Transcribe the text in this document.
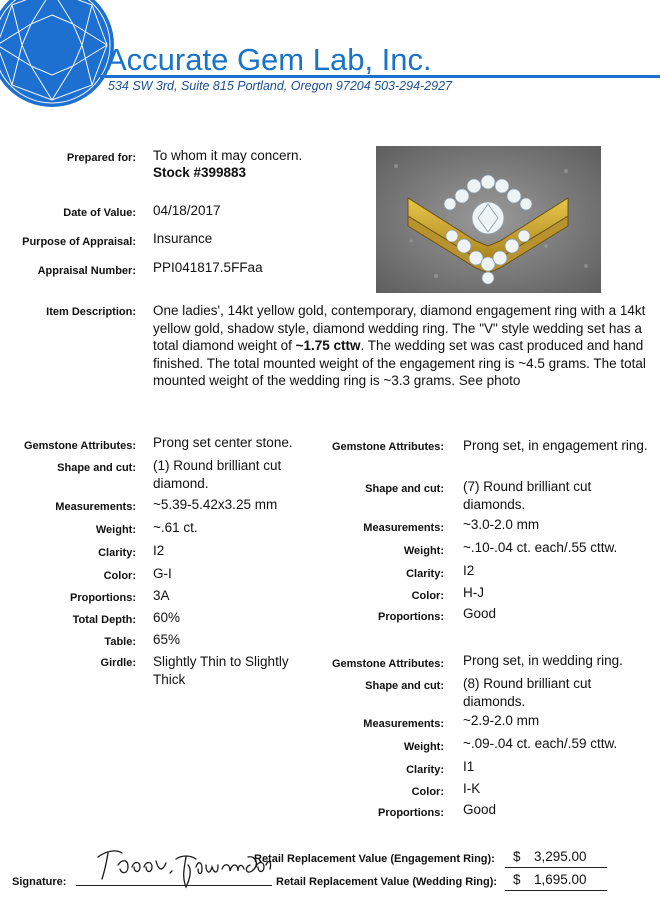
Accurate Gem Lab, Inc.
534 SW 3rd, Suite 815 Portland, Oregon 97204 503-294-2927
Prepared for: To whom it may concern.
Stock #399883
Date of Value: 04/18/2017
Purpose of Appraisal: Insurance
Appraisal Number: PPI041817.5FFaa
Item Description: One ladies', 14kt yellow gold, contemporary, diamond engagement ring with a 14kt yellow gold, shadow style, diamond wedding ring. The "V" style wedding set has a total diamond weight of ~1.75 cttw. The wedding set was cast produced and hand finished. The total mounted weight of the engagement ring is ~4.5 grams. The total mounted weight of the wedding ring is ~3.3 grams. See photo
Gemstone Attributes: Prong set center stone.
Shape and cut: (1) Round brilliant cut diamond.
Measurements: ~5.39-5.42x3.25 mm
Weight: ~.61 ct.
Clarity: I2
Color: G-I
Proportions: 3A
Total Depth: 60%
Table: 65%
Girdle: Slightly Thin to Slightly Thick
Gemstone Attributes: Prong set, in engagement ring.
Shape and cut: (7) Round brilliant cut diamonds.
Measurements: ~3.0-2.0 mm
Weight: ~.10-.04 ct. each/.55 cttw.
Clarity: I2
Color: H-J
Proportions: Good
Gemstone Attributes: Prong set, in wedding ring.
Shape and cut: (8) Round brilliant cut diamonds.
Measurements: ~2.9-2.0 mm
Weight: ~.09-.04 ct. each/.59 cttw.
Clarity: I1
Color: I-K
Proportions: Good
Signature:
Retail Replacement Value (Engagement Ring): $ 3,295.00
Retail Replacement Value (Wedding Ring): $ 1,695.00
